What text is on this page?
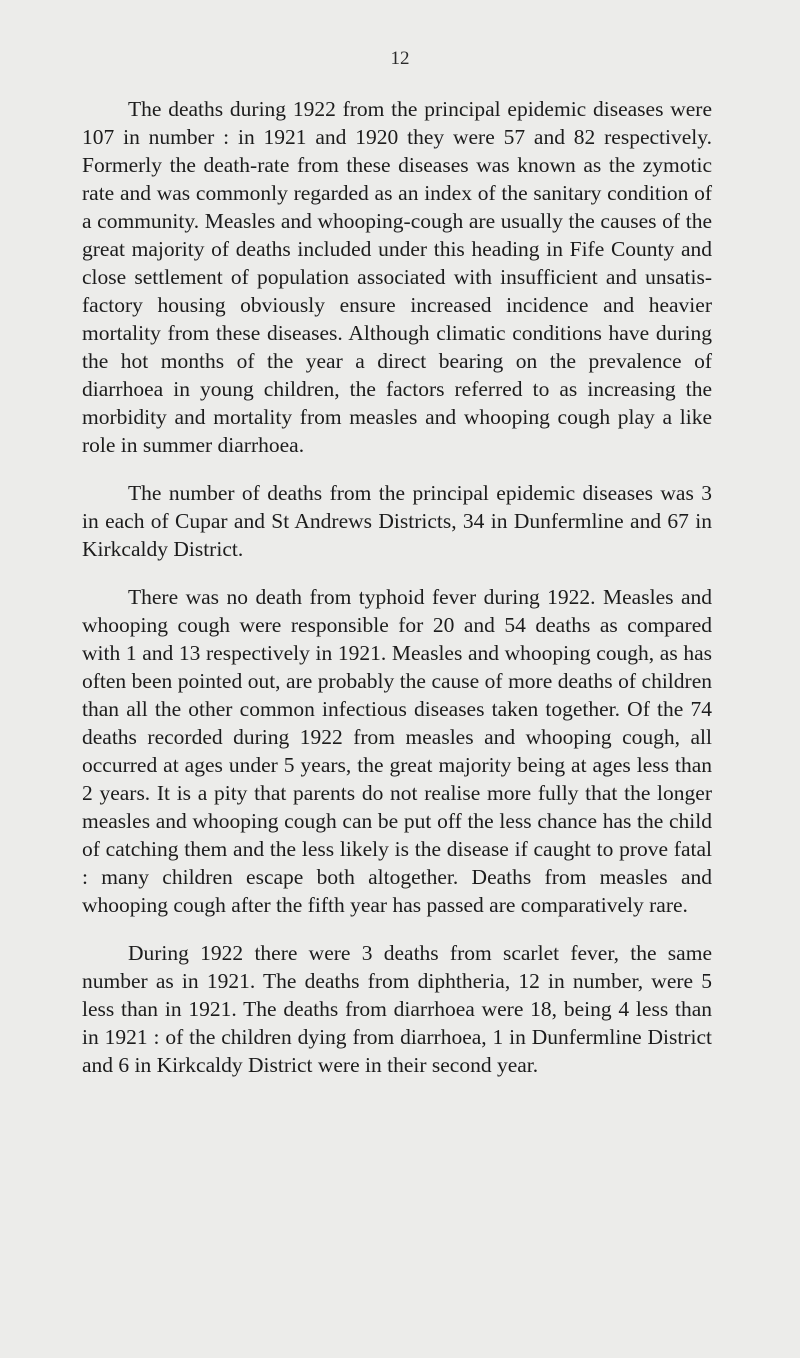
12

The deaths during 1922 from the principal epidemic diseases were 107 in number : in 1921 and 1920 they were 57 and 82 respectively. Formerly the death-rate from these diseases was known as the zymotic rate and was commonly regarded as an index of the sanitary condition of a community. Measles and whooping-cough are usually the causes of the great majority of deaths included under this heading in Fife County and close settlement of population associated with insufficient and unsatisfactory housing obviously ensure increased incidence and heavier mortality from these diseases. Although climatic conditions have during the hot months of the year a direct bearing on the prevalence of diarrhoea in young children, the factors referred to as increasing the morbidity and mortality from measles and whooping cough play a like role in summer diarrhoea.

The number of deaths from the principal epidemic diseases was 3 in each of Cupar and St Andrews Districts, 34 in Dunfermline and 67 in Kirkcaldy District.

There was no death from typhoid fever during 1922. Measles and whooping cough were responsible for 20 and 54 deaths as compared with 1 and 13 respectively in 1921. Measles and whooping cough, as has often been pointed out, are probably the cause of more deaths of children than all the other common infectious diseases taken together. Of the 74 deaths recorded during 1922 from measles and whooping cough, all occurred at ages under 5 years, the great majority being at ages less than 2 years. It is a pity that parents do not realise more fully that the longer measles and whooping cough can be put off the less chance has the child of catching them and the less likely is the disease if caught to prove fatal : many children escape both altogether. Deaths from measles and whooping cough after the fifth year has passed are comparatively rare.

During 1922 there were 3 deaths from scarlet fever, the same number as in 1921. The deaths from diphtheria, 12 in number, were 5 less than in 1921. The deaths from diarrhoea were 18, being 4 less than in 1921 : of the children dying from diarrhoea, 1 in Dunfermline District and 6 in Kirkcaldy District were in their second year.
